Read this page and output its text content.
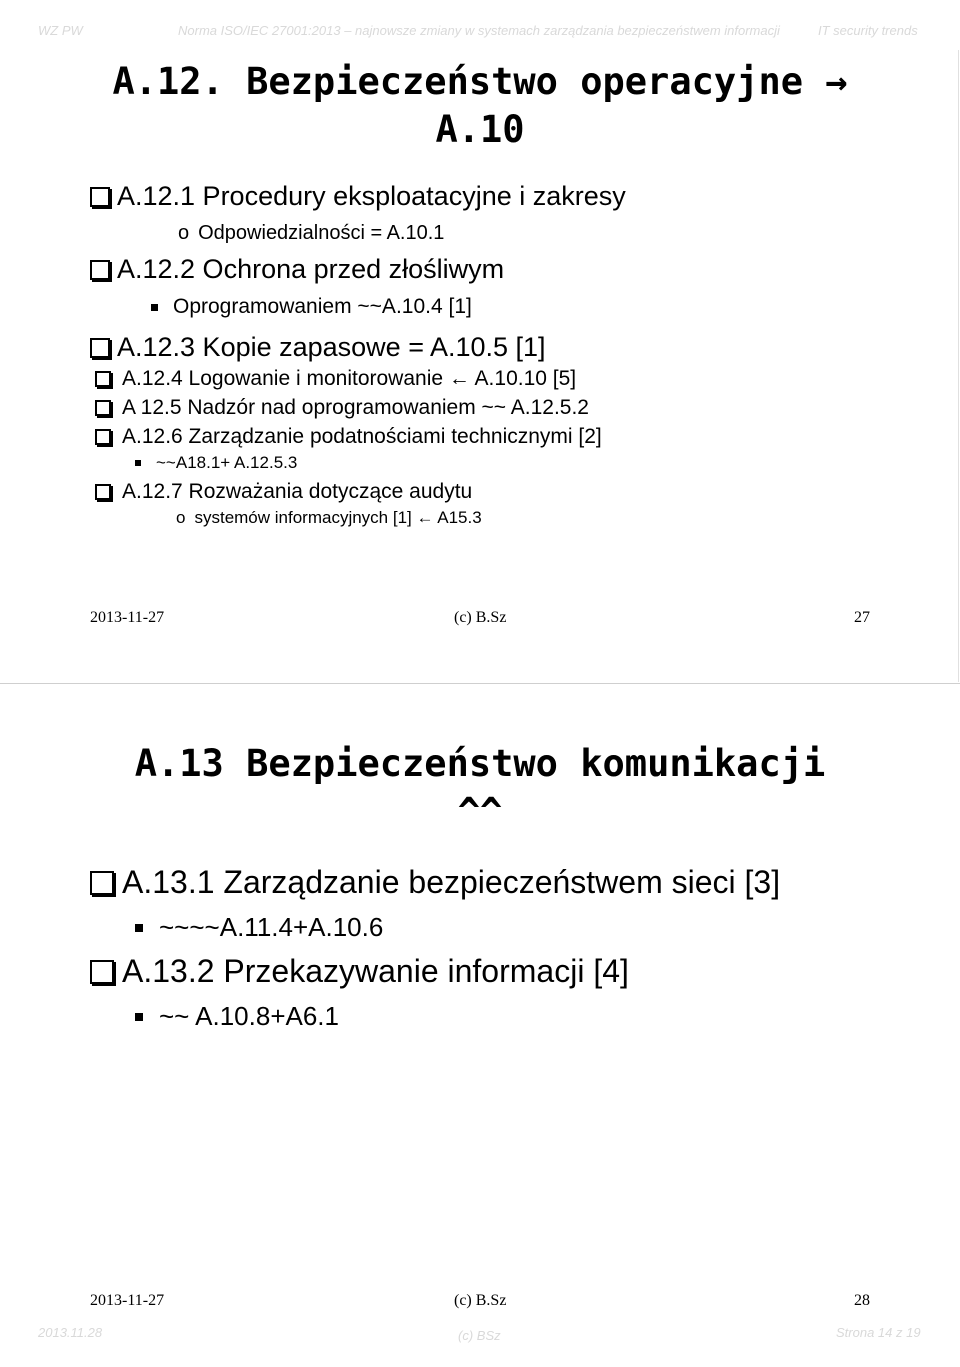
WZ PW	Norma ISO/IEC 27001:2013 – najnowsze zmiany w systemach zarządzania bezpieczeństwem informacji	IT security trends
A.12. Bezpieczeństwo operacyjne →
A.10
A.12.1 Procedury eksploatacyjne i zakresy
o Odpowiedzialności = A.10.1
A.12.2 Ochrona przed złośliwym
Oprogramowaniem ~~A.10.4 [1]
A.12.3 Kopie zapasowe = A.10.5 [1]
A.12.4 Logowanie i monitorowanie ← A.10.10 [5]
A 12.5 Nadzór nad oprogramowaniem ~~ A.12.5.2
A.12.6 Zarządzanie podatnościami technicznymi [2]
~~A18.1+ A.12.5.3
A.12.7 Rozważania dotyczące audytu
o systemów informacyjnych [1] ← A15.3
2013-11-27	(c) B.Sz	27
A.13 Bezpieczeństwo komunikacji
^^
A.13.1 Zarządzanie bezpieczeństwem sieci [3]
~~~~A.11.4+A.10.6
A.13.2 Przekazywanie informacji [4]
~~ A.10.8+A6.1
2013-11-27	(c) B.Sz	28
2013.11.28	(c) BSz	Strona 14 z 19
